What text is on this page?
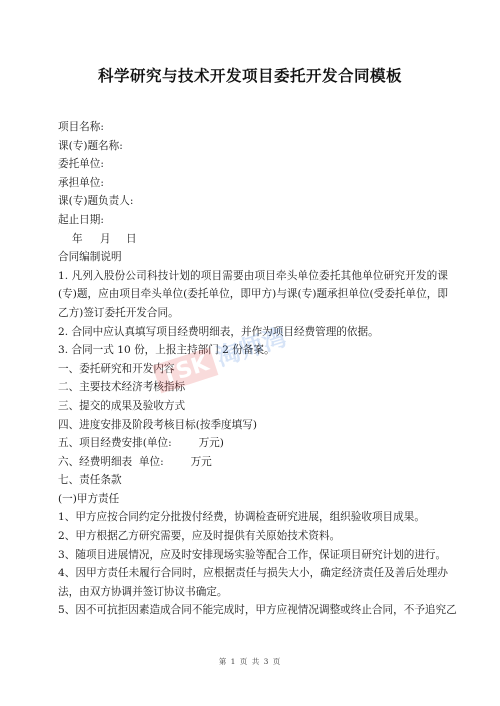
科学研究与技术开发项目委托开发合同模板
项目名称:
课(专)题名称:
委托单位:
承担单位:
课(专)题负责人:
起止日期:
年 月 日
合同编制说明
1. 凡列入股份公司科技计划的项目需要由项目牵头单位委托其他单位研究开发的课(专)题，应由项目牵头单位(委托单位，即甲方)与课(专)题承担单位(受委托单位，即乙方)签订委托开发合同。
2. 合同中应认真填写项目经费明细表，并作为项目经费管理的依据。
3. 合同一式 10 份，上报主持部门 2 份备案。
一、委托研究和开发内容
二、主要技术经济考核指标
三、提交的成果及验收方式
四、进度安排及阶段考核目标(按季度填写)
五、项目经费安排(单位:        万元)
六、经费明细表  单位:        万元
七、责任条款
(一)甲方责任
1、甲方应按合同约定分批拨付经费，协调检查研究进展，组织验收项目成果。
2、甲方根据乙方研究需要，应及时提供有关原始技术资料。
3、随项目进展情况，应及时安排现场实验等配合工作，保证项目研究计划的进行。
4、因甲方责任未履行合同时，应根据责任与损失大小，确定经济责任及善后处理办法，由双方协调并签订协议书确定。
5、因不可抗拒因素造成合同不能完成时，甲方应视情况调整或终止合同，不予追究乙
TSK淘师湾
第 1 页 共 3 页
